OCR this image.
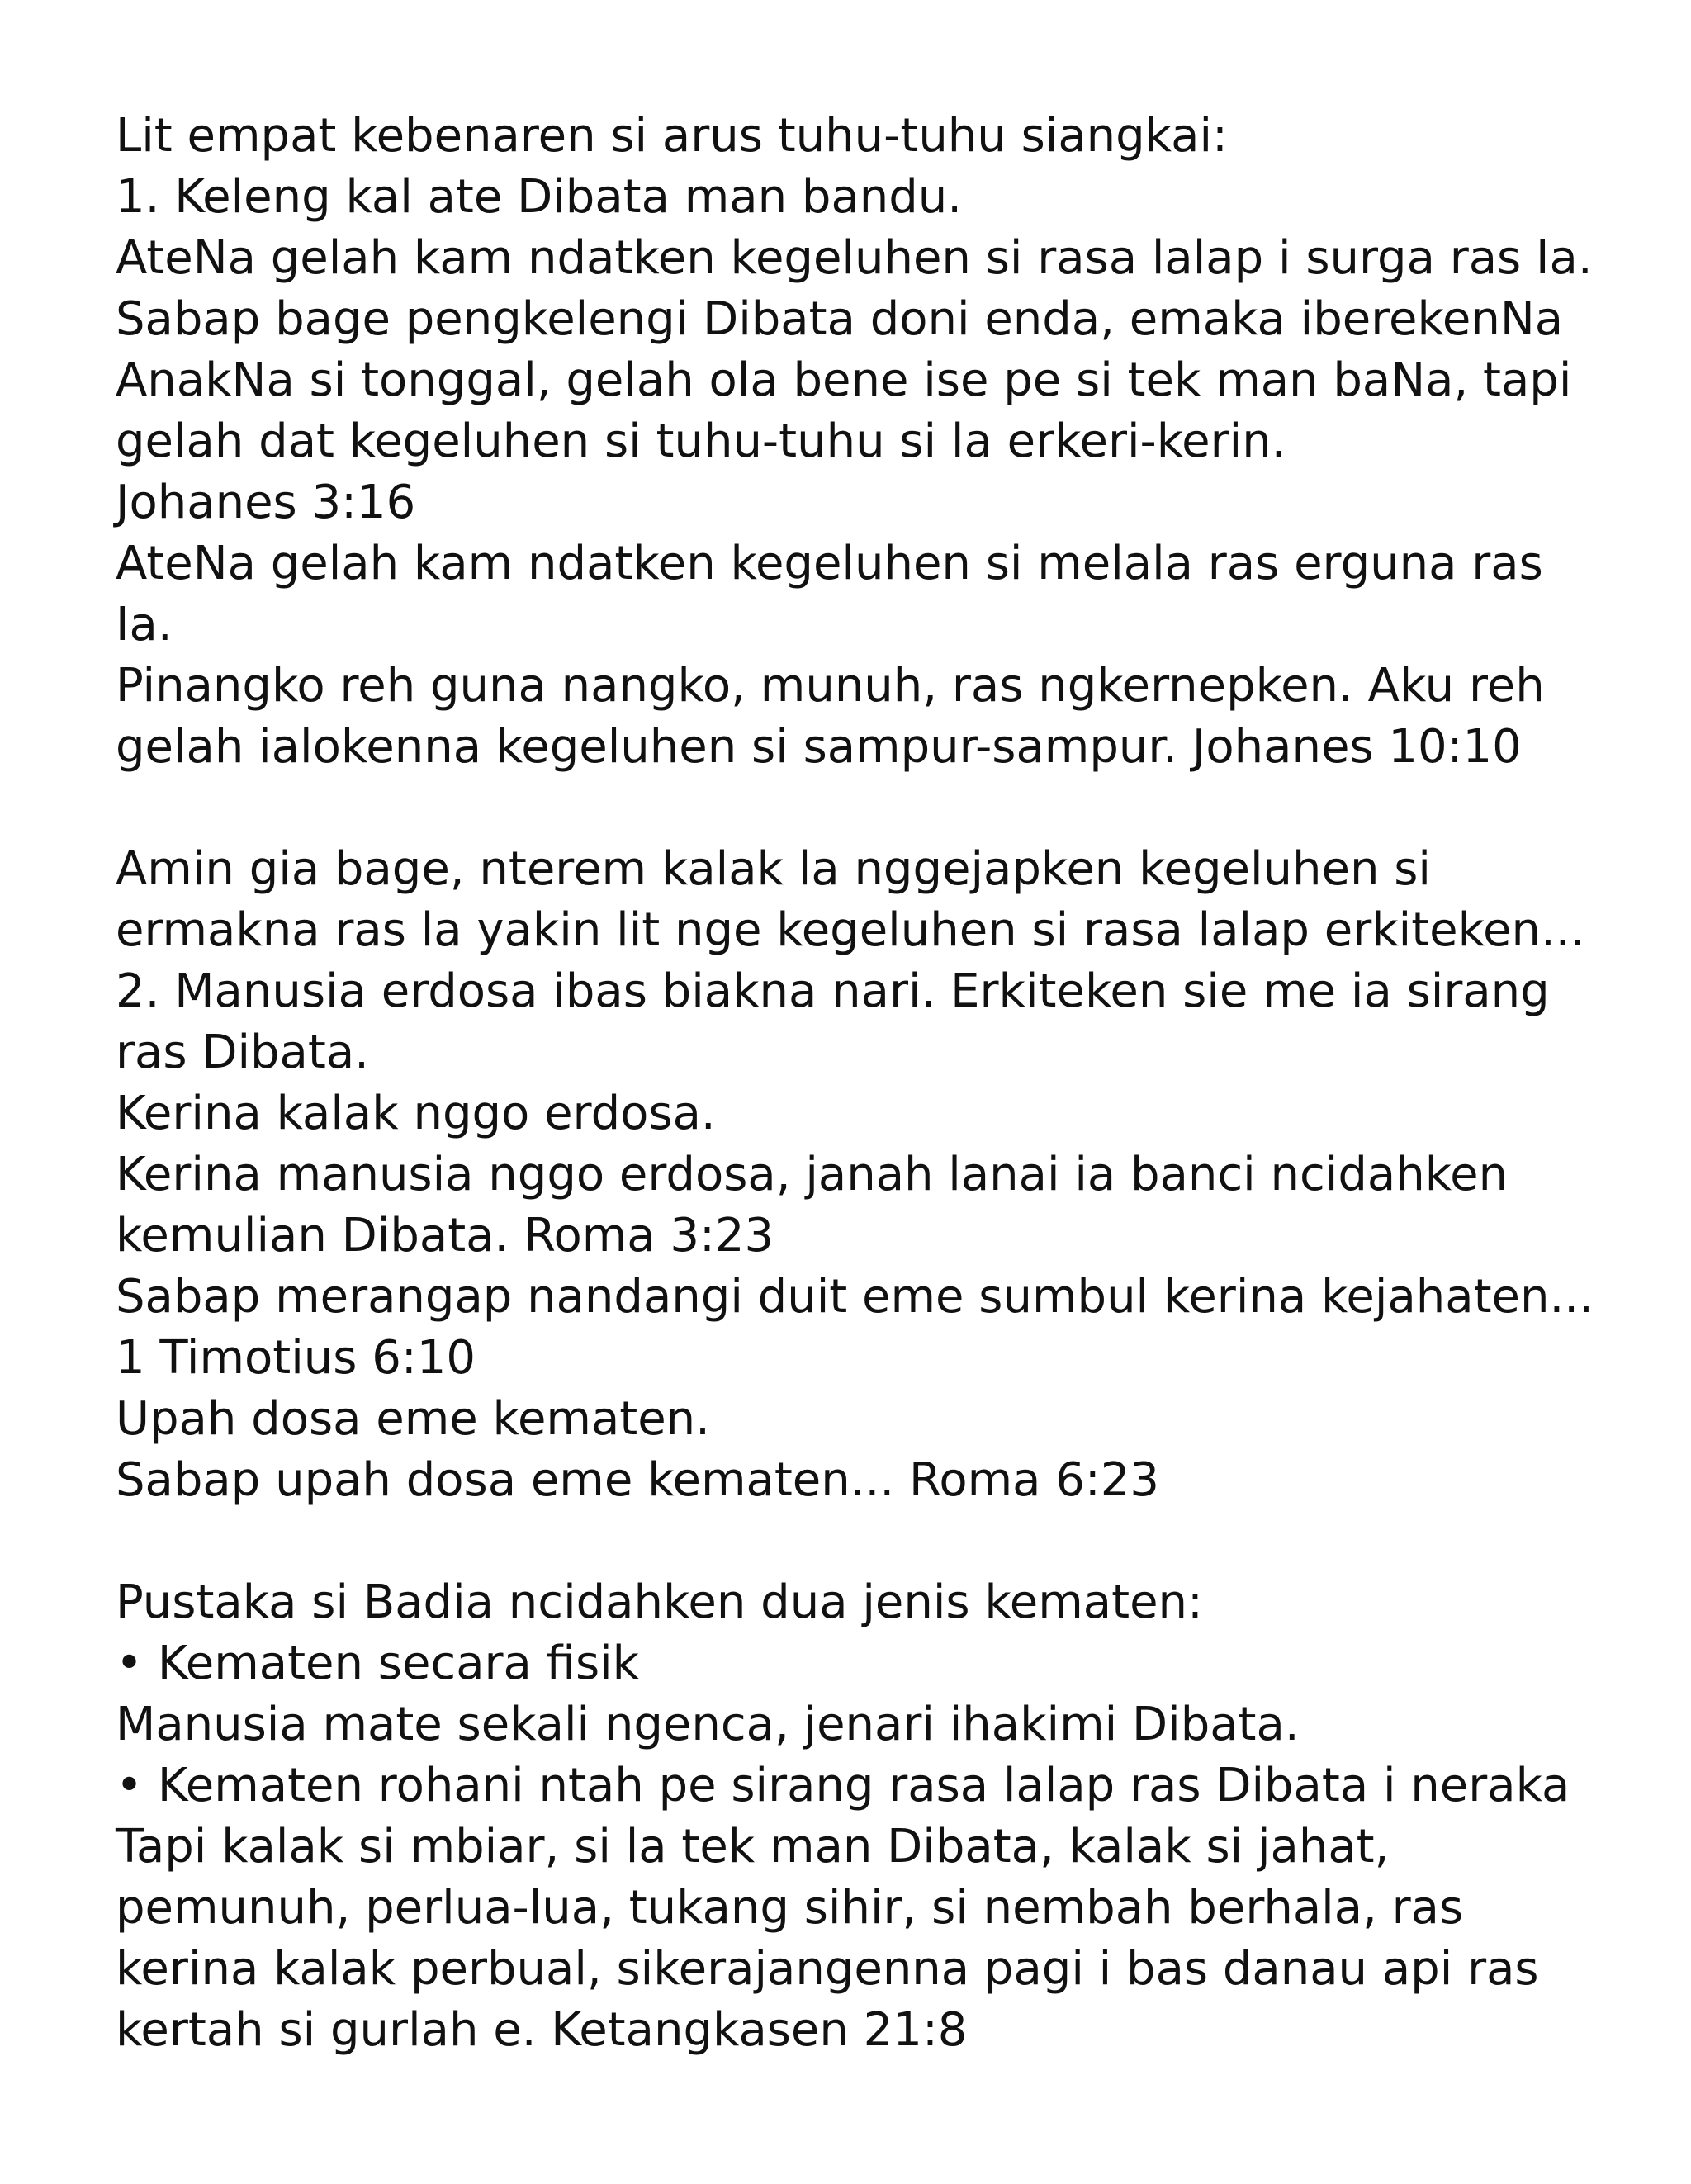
Lit empat kebenaren si arus tuhu-tuhu siangkai:
1. Keleng kal ate Dibata man bandu.
AteNa gelah kam ndatken kegeluhen si rasa lalap i surga ras Ia.
Sabap bage pengkelengi Dibata doni enda, emaka iberekenNa
AnakNa si tonggal, gelah ola bene ise pe si tek man baNa, tapi
gelah dat kegeluhen si tuhu-tuhu si la erkeri-kerin.
Johanes 3:16
AteNa gelah kam ndatken kegeluhen si melala ras erguna ras
Ia.
Pinangko reh guna nangko, munuh, ras ngkernepken. Aku reh
gelah ialokenna kegeluhen si sampur-sampur. Johanes 10:10
Amin gia bage, nterem kalak la nggejapken kegeluhen si
ermakna ras la yakin lit nge kegeluhen si rasa lalap erkiteken...
2. Manusia erdosa ibas biakna nari. Erkiteken sie me ia sirang
ras Dibata.
Kerina kalak nggo erdosa.
Kerina manusia nggo erdosa, janah lanai ia banci ncidahken
kemulian Dibata. Roma 3:23
Sabap merangap nandangi duit eme sumbul kerina kejahaten...
1 Timotius 6:10
Upah dosa eme kematen.
Sabap upah dosa eme kematen... Roma 6:23
Pustaka si Badia ncidahken dua jenis kematen:
• Kematen secara fisik
Manusia mate sekali ngenca, jenari ihakimi Dibata.
• Kematen rohani ntah pe sirang rasa lalap ras Dibata i neraka
Tapi kalak si mbiar, si la tek man Dibata, kalak si jahat,
pemunuh, perlua-lua, tukang sihir, si nembah berhala, ras
kerina kalak perbual, sikerajangenna pagi i bas danau api ras
kertah si gurlah e. Ketangkasen 21:8
